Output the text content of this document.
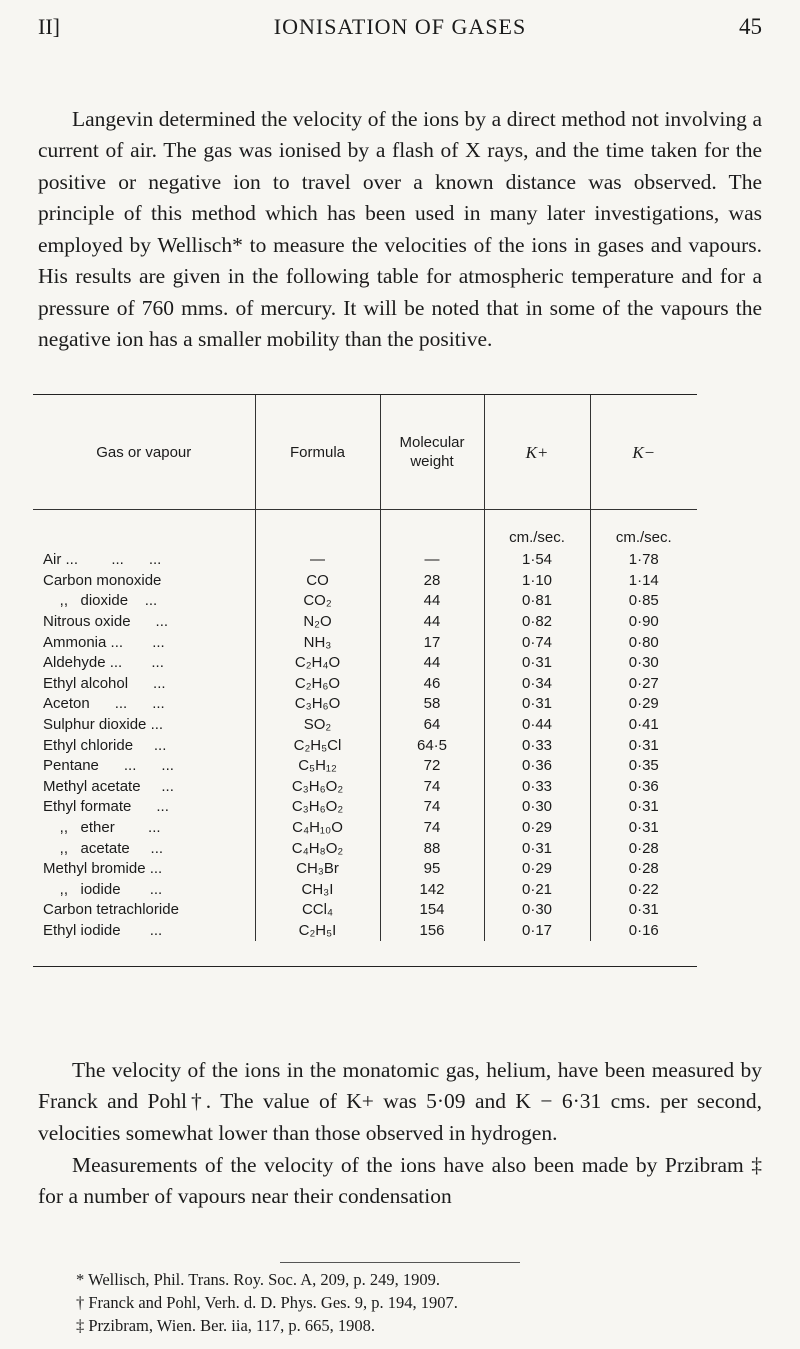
II]	IONISATION OF GASES	45

Langevin determined the velocity of the ions by a direct method not involving a current of air. The gas was ionised by a flash of X rays, and the time taken for the positive or negative ion to travel over a known distance was observed. The principle of this method which has been used in many later investigations, was employed by Wellisch* to measure the velocities of the ions in gases and vapours. His results are given in the following table for atmospheric temperature and for a pressure of 760 mms. of mercury. It will be noted that in some of the vapours the negative ion has a smaller mobility than the positive.

Gas or vapour	Formula	Molecular weight	K+	K−
			cm./sec.	cm./sec.
Air ...        ...      ...	—	—	1·54	1·78
Carbon monoxide	CO	28	1·10	1·14
,,   dioxide    ...	CO₂	44	0·81	0·85
Nitrous oxide      ...	N₂O	44	0·82	0·90
Ammonia ...       ...	NH₃	17	0·74	0·80
Aldehyde ...       ...	C₂H₄O	44	0·31	0·30
Ethyl alcohol      ...	C₂H₆O	46	0·34	0·27
Aceton      ...      ...	C₃H₆O	58	0·31	0·29
Sulphur dioxide ...	SO₂	64	0·44	0·41
Ethyl chloride     ...	C₂H₅Cl	64·5	0·33	0·31
Pentane      ...      ...	C₅H₁₂	72	0·36	0·35
Methyl acetate     ...	C₃H₆O₂	74	0·33	0·36
Ethyl formate      ...	C₃H₆O₂	74	0·30	0·31
,,   ether        ...	C₄H₁₀O	74	0·29	0·31
,,   acetate     ...	C₄H₈O₂	88	0·31	0·28
Methyl bromide ...	CH₃Br	95	0·29	0·28
,,   iodide       ...	CH₃I	142	0·21	0·22
Carbon tetrachloride	CCl₄	154	0·30	0·31
Ethyl iodide       ...	C₂H₅I	156	0·17	0·16

The velocity of the ions in the monatomic gas, helium, have been measured by Franck and Pohl†. The value of K+ was 5·09 and K − 6·31 cms. per second, velocities somewhat lower than those observed in hydrogen.

Measurements of the velocity of the ions have also been made by Przibram ‡ for a number of vapours near their condensation

* Wellisch, Phil. Trans. Roy. Soc. A, 209, p. 249, 1909.
† Franck and Pohl, Verh. d. D. Phys. Ges. 9, p. 194, 1907.
‡ Przibram, Wien. Ber. iia, 117, p. 665, 1908.
